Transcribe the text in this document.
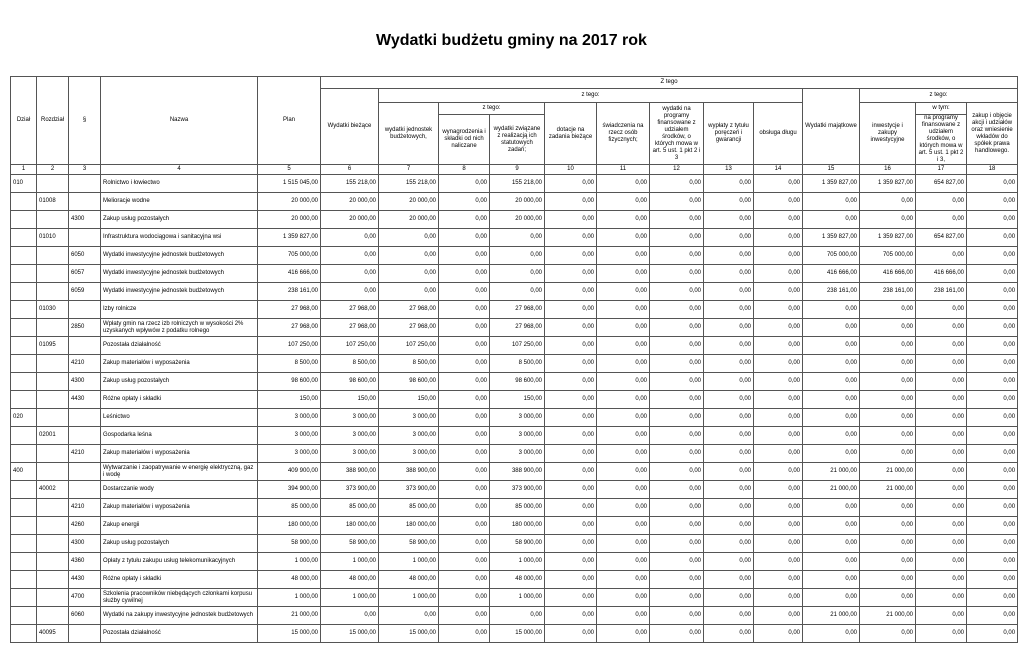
Wydatki budżetu gminy na 2017 rok
Dział	Rozdział	§	Nazwa	Plan	Z tego												
					Wydatki bieżące	z tego:								Wydatki majątkowe	z tego:		
						wydatki jednostek budżetowych,	z tego:		dotacje na zadania bieżące	świadczenia na rzecz osób fizycznych;	wydatki na programy finansowane z udziałem środków, o których mowa w art. 5 ust. 1 pkt 2 i 3	wypłaty z tytułu poręczeń i gwarancji	obsługa długu		inwestycje i zakupy inwestycyjne	w tym:	zakup i objęcie akcji i udziałów oraz wniesienie wkładów do spółek prawa handlowego.
							wynagrodzenia i składki od nich naliczane	wydatki związane z realizacją ich statutowych zadań;								na programy finansowane z udziałem środków, o których mowa w art. 5 ust. 1 pkt 2 i 3,	
1	2	3	4	5	6	7	8	9	10	11	12	13	14	15	16	17	18
010			Rolnictwo i łowiectwo	1 515 045,00	155 218,00	155 218,00	0,00	155 218,00	0,00	0,00	0,00	0,00	0,00	1 359 827,00	1 359 827,00	654 827,00	0,00
	01008		Melioracje wodne	20 000,00	20 000,00	20 000,00	0,00	20 000,00	0,00	0,00	0,00	0,00	0,00	0,00	0,00	0,00	0,00
		4300	Zakup usług pozostałych	20 000,00	20 000,00	20 000,00	0,00	20 000,00	0,00	0,00	0,00	0,00	0,00	0,00	0,00	0,00	0,00
	01010		Infrastruktura wodociągowa i sanitacyjna wsi	1 359 827,00	0,00	0,00	0,00	0,00	0,00	0,00	0,00	0,00	0,00	1 359 827,00	1 359 827,00	654 827,00	0,00
		6050	Wydatki inwestycyjne jednostek budżetowych	705 000,00	0,00	0,00	0,00	0,00	0,00	0,00	0,00	0,00	0,00	705 000,00	705 000,00	0,00	0,00
		6057	Wydatki inwestycyjne jednostek budżetowych	416 666,00	0,00	0,00	0,00	0,00	0,00	0,00	0,00	0,00	0,00	416 666,00	416 666,00	416 666,00	0,00
		6059	Wydatki inwestycyjne jednostek budżetowych	238 161,00	0,00	0,00	0,00	0,00	0,00	0,00	0,00	0,00	0,00	238 161,00	238 161,00	238 161,00	0,00
	01030		Izby rolnicze	27 968,00	27 968,00	27 968,00	0,00	27 968,00	0,00	0,00	0,00	0,00	0,00	0,00	0,00	0,00	0,00
		2850	Wpłaty gmin na rzecz izb rolniczych w wysokości 2% uzyskanych wpływów z podatku rolnego	27 968,00	27 968,00	27 968,00	0,00	27 968,00	0,00	0,00	0,00	0,00	0,00	0,00	0,00	0,00	0,00
	01095		Pozostała działalność	107 250,00	107 250,00	107 250,00	0,00	107 250,00	0,00	0,00	0,00	0,00	0,00	0,00	0,00	0,00	0,00
		4210	Zakup materiałów i wyposażenia	8 500,00	8 500,00	8 500,00	0,00	8 500,00	0,00	0,00	0,00	0,00	0,00	0,00	0,00	0,00	0,00
		4300	Zakup usług pozostałych	98 600,00	98 600,00	98 600,00	0,00	98 600,00	0,00	0,00	0,00	0,00	0,00	0,00	0,00	0,00	0,00
		4430	Różne opłaty i składki	150,00	150,00	150,00	0,00	150,00	0,00	0,00	0,00	0,00	0,00	0,00	0,00	0,00	0,00
020			Leśnictwo	3 000,00	3 000,00	3 000,00	0,00	3 000,00	0,00	0,00	0,00	0,00	0,00	0,00	0,00	0,00	0,00
	02001		Gospodarka leśna	3 000,00	3 000,00	3 000,00	0,00	3 000,00	0,00	0,00	0,00	0,00	0,00	0,00	0,00	0,00	0,00
		4210	Zakup materiałów i wyposażenia	3 000,00	3 000,00	3 000,00	0,00	3 000,00	0,00	0,00	0,00	0,00	0,00	0,00	0,00	0,00	0,00
400			Wytwarzanie i zaopatrywanie w energię elektryczną, gaz i wodę	409 900,00	388 900,00	388 900,00	0,00	388 900,00	0,00	0,00	0,00	0,00	0,00	21 000,00	21 000,00	0,00	0,00
	40002		Dostarczanie wody	394 900,00	373 900,00	373 900,00	0,00	373 900,00	0,00	0,00	0,00	0,00	0,00	21 000,00	21 000,00	0,00	0,00
		4210	Zakup materiałów i wyposażenia	85 000,00	85 000,00	85 000,00	0,00	85 000,00	0,00	0,00	0,00	0,00	0,00	0,00	0,00	0,00	0,00
		4260	Zakup energii	180 000,00	180 000,00	180 000,00	0,00	180 000,00	0,00	0,00	0,00	0,00	0,00	0,00	0,00	0,00	0,00
		4300	Zakup usług pozostałych	58 900,00	58 900,00	58 900,00	0,00	58 900,00	0,00	0,00	0,00	0,00	0,00	0,00	0,00	0,00	0,00
		4360	Opłaty z tytułu zakupu usług telekomunikacyjnych	1 000,00	1 000,00	1 000,00	0,00	1 000,00	0,00	0,00	0,00	0,00	0,00	0,00	0,00	0,00	0,00
		4430	Różne opłaty i składki	48 000,00	48 000,00	48 000,00	0,00	48 000,00	0,00	0,00	0,00	0,00	0,00	0,00	0,00	0,00	0,00
		4700	Szkolenia pracowników niebędących członkami korpusu służby cywilnej	1 000,00	1 000,00	1 000,00	0,00	1 000,00	0,00	0,00	0,00	0,00	0,00	0,00	0,00	0,00	0,00
		6060	Wydatki na zakupy inwestycyjne jednostek budżetowych	21 000,00	0,00	0,00	0,00	0,00	0,00	0,00	0,00	0,00	0,00	21 000,00	21 000,00	0,00	0,00
	40095		Pozostała działalność	15 000,00	15 000,00	15 000,00	0,00	15 000,00	0,00	0,00	0,00	0,00	0,00	0,00	0,00	0,00	0,00
